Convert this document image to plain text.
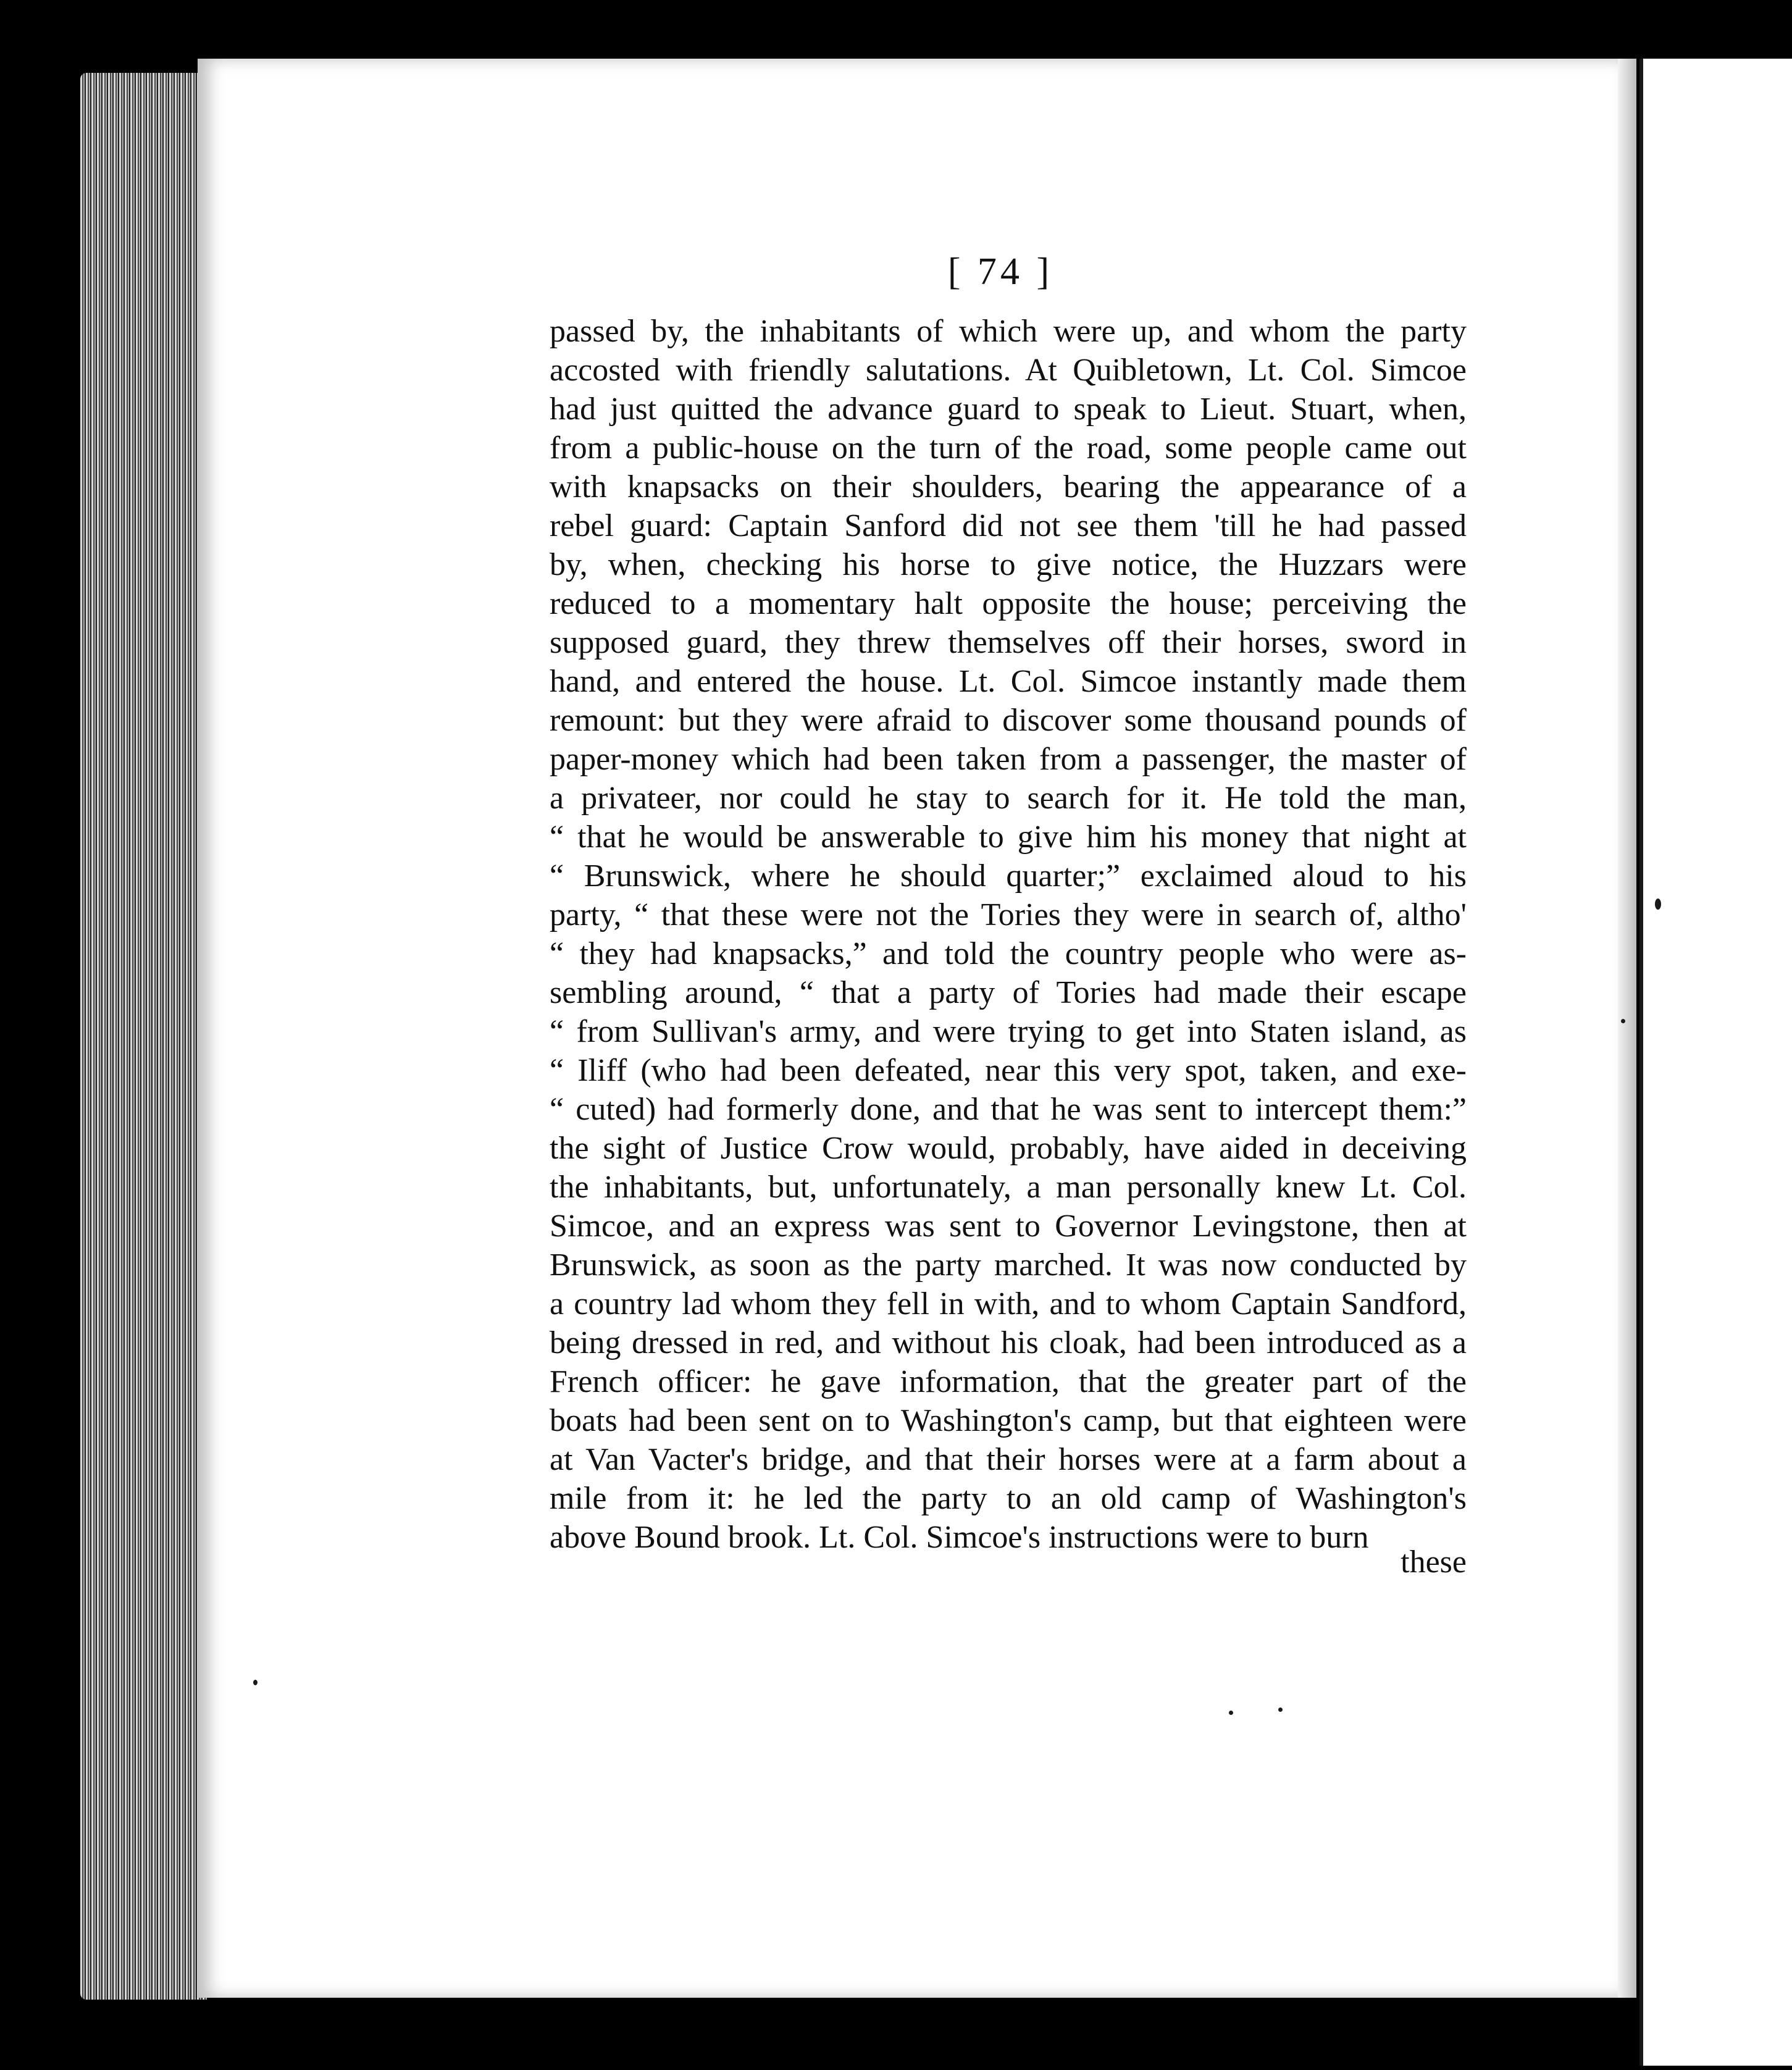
[ 74 ]
passed by, the inhabitants of which were up, and whom the party
accosted with friendly salutations. At Quibletown, Lt. Col. Simcoe
had just quitted the advance guard to speak to Lieut. Stuart, when,
from a public-house on the turn of the road, some people came out
with knapsacks on their shoulders, bearing the appearance of a
rebel guard: Captain Sanford did not see them 'till he had passed
by, when, checking his horse to give notice, the Huzzars were
reduced to a momentary halt opposite the house; perceiving the
supposed guard, they threw themselves off their horses, sword in
hand, and entered the house. Lt. Col. Simcoe instantly made them
remount: but they were afraid to discover some thousand pounds of
paper-money which had been taken from a passenger, the master of
a privateer, nor could he stay to search for it. He told the man,
“ that he would be answerable to give him his money that night at
“ Brunswick, where he should quarter;” exclaimed aloud to his
party, “ that these were not the Tories they were in search of, altho'
“ they had knapsacks,” and told the country people who were as-
sembling around, “ that a party of Tories had made their escape
“ from Sullivan's army, and were trying to get into Staten island, as
“ Iliff (who had been defeated, near this very spot, taken, and exe-
“ cuted) had formerly done, and that he was sent to intercept them:”
the sight of Justice Crow would, probably, have aided in deceiving
the inhabitants, but, unfortunately, a man personally knew Lt. Col.
Simcoe, and an express was sent to Governor Levingstone, then at
Brunswick, as soon as the party marched. It was now conducted by
a country lad whom they fell in with, and to whom Captain Sandford,
being dressed in red, and without his cloak, had been introduced as a
French officer: he gave information, that the greater part of the
boats had been sent on to Washington's camp, but that eighteen were
at Van Vacter's bridge, and that their horses were at a farm about a
mile from it: he led the party to an old camp of Washington's
above Bound brook. Lt. Col. Simcoe's instructions were to burn
these
